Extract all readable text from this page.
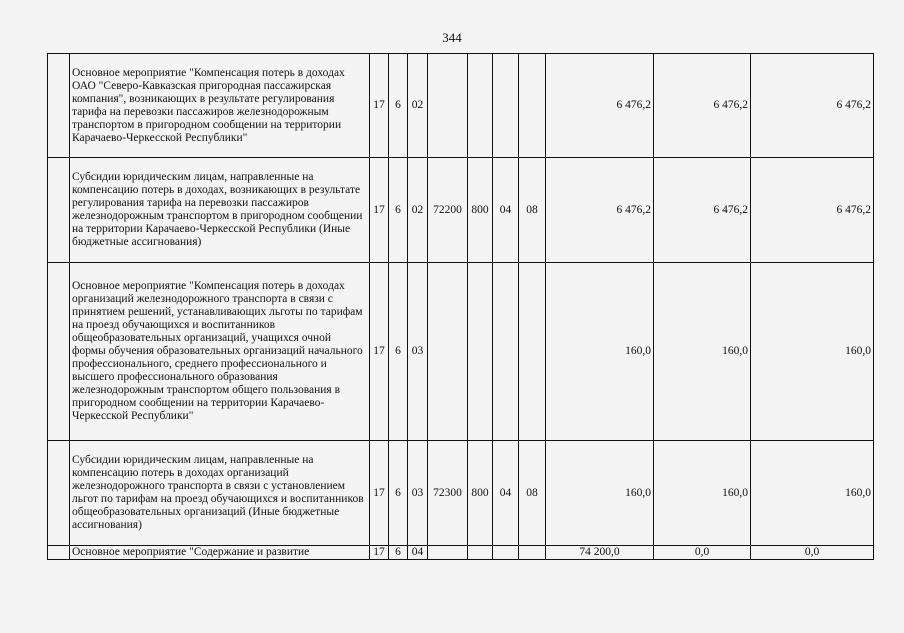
344
	Основное мероприятие "Компенсация потерь в доходах ОАО "Северо-Кавказская пригородная пассажирская компания", возникающих в результате регулирования тарифа на перевозки пассажиров железнодорожным транспортом в пригородном сообщении на территории Карачаево-Черкесской Республики"	17	6	02					6 476,2	6 476,2	6 476,2
	Субсидии юридическим лицам, направленные на компенсацию потерь в доходах, возникающих в результате регулирования тарифа на перевозки пассажиров железнодорожным транспортом в пригородном сообщении на территории Карачаево-Черкесской Республики (Иные бюджетные ассигнования)	17	6	02	72200	800	04	08	6 476,2	6 476,2	6 476,2
	Основное мероприятие "Компенсация потерь в доходах организаций железнодорожного транспорта в связи с принятием решений, устанавливающих льготы по тарифам на проезд обучающихся и воспитанников общеобразовательных организаций, учащихся очной формы обучения образовательных организаций начального профессионального, среднего профессионального и высшего профессионального образования железнодорожным транспортом общего пользования в пригородном сообщении на территории Карачаево-Черкесской Республики"	17	6	03					160,0	160,0	160,0
	Субсидии юридическим лицам, направленные на компенсацию потерь в доходах организаций железнодорожного транспорта в связи с установлением льгот по тарифам на проезд обучающихся и воспитанников общеобразовательных организаций (Иные бюджетные ассигнования)	17	6	03	72300	800	04	08	160,0	160,0	160,0
	Основное мероприятие "Содержание и развитие	17	6	04					74 200,0	0,0	0,0
